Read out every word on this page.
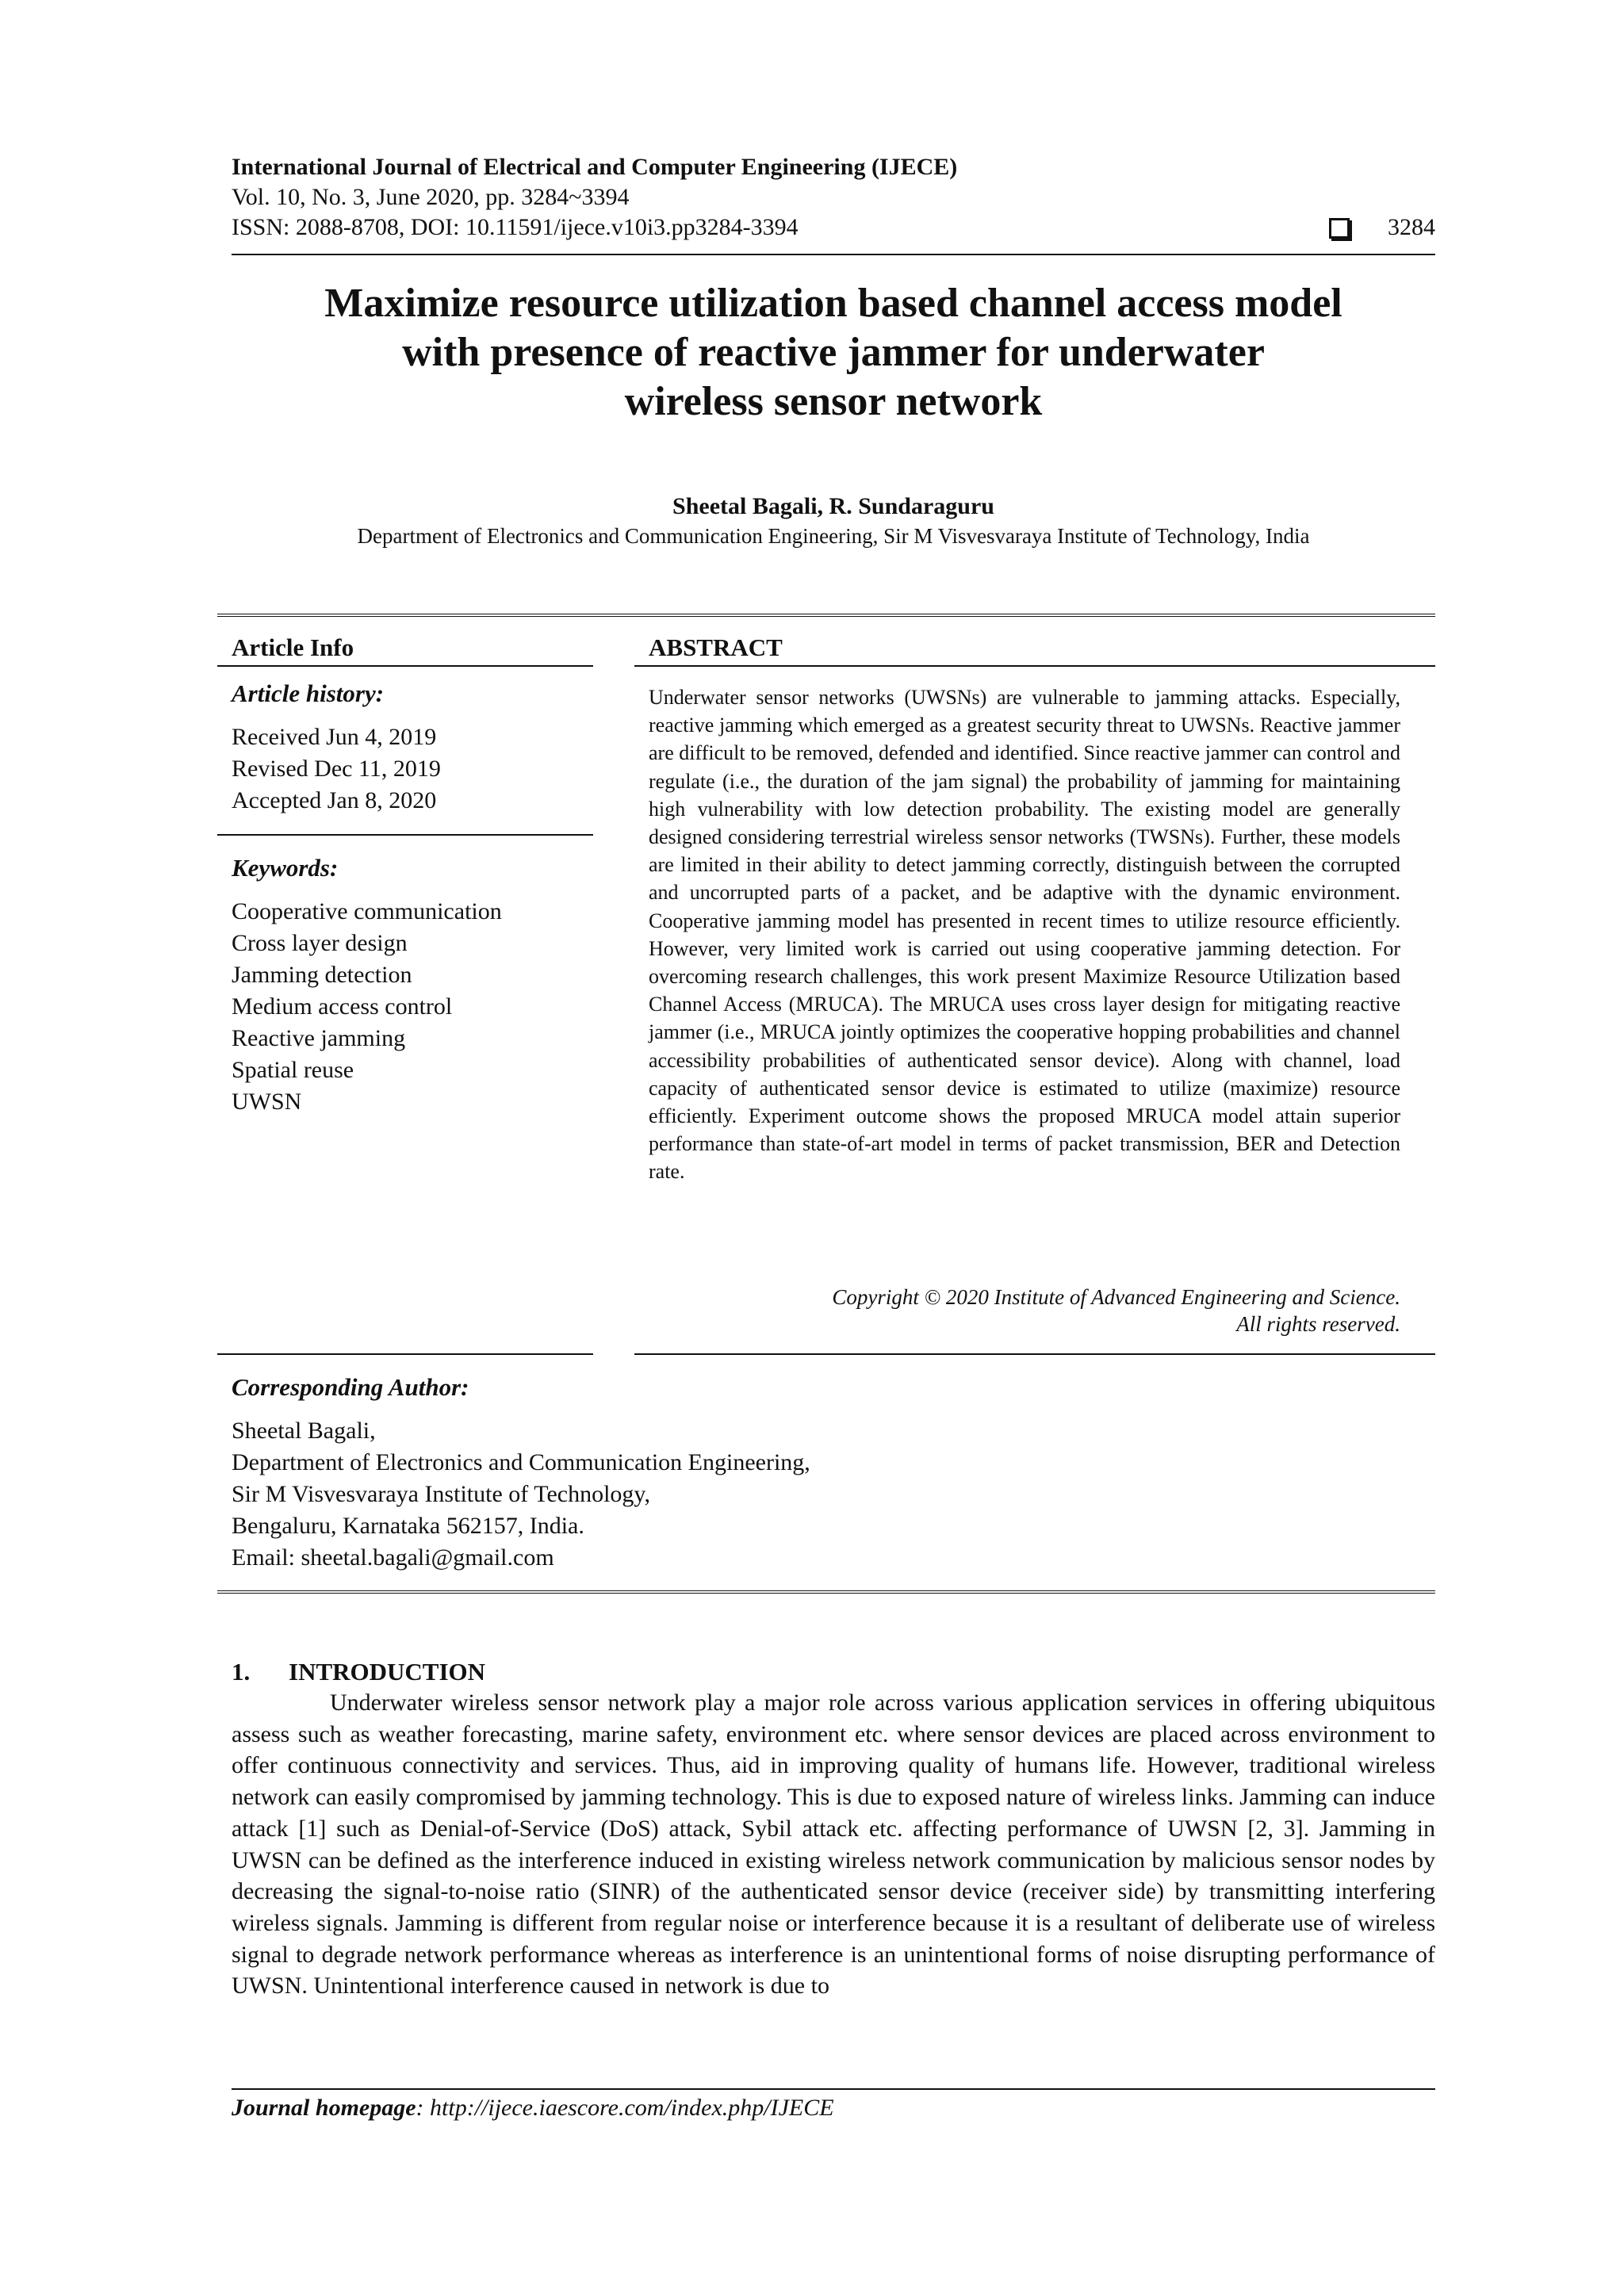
International Journal of Electrical and Computer Engineering (IJECE)
Vol. 10, No. 3, June 2020, pp. 3284~3394
ISSN: 2088-8708, DOI: 10.11591/ijece.v10i3.pp3284-3394	3284
Maximize resource utilization based channel access model
with presence of reactive jammer for underwater
wireless sensor network
Sheetal Bagali, R. Sundaraguru
Department of Electronics and Communication Engineering, Sir M Visvesvaraya Institute of Technology, India
Article Info
Article history:
Received Jun 4, 2019
Revised Dec 11, 2019
Accepted Jan 8, 2020
Keywords:
Cooperative communication
Cross layer design
Jamming detection
Medium access control
Reactive jamming
Spatial reuse
UWSN
ABSTRACT
Underwater sensor networks (UWSNs) are vulnerable to jamming attacks. Especially, reactive jamming which emerged as a greatest security threat to UWSNs. Reactive jammer are difficult to be removed, defended and identified. Since reactive jammer can control and regulate (i.e., the duration of the jam signal) the probability of jamming for maintaining high vulnerability with low detection probability. The existing model are generally designed considering terrestrial wireless sensor networks (TWSNs). Further, these models are limited in their ability to detect jamming correctly, distinguish between the corrupted and uncorrupted parts of a packet, and be adaptive with the dynamic environment. Cooperative jamming model has presented in recent times to utilize resource efficiently. However, very limited work is carried out using cooperative jamming detection. For overcoming research challenges, this work present Maximize Resource Utilization based Channel Access (MRUCA). The MRUCA uses cross layer design for mitigating reactive jammer (i.e., MRUCA jointly optimizes the cooperative hopping probabilities and channel accessibility probabilities of authenticated sensor device). Along with channel, load capacity of authenticated sensor device is estimated to utilize (maximize) resource efficiently. Experiment outcome shows the proposed MRUCA model attain superior performance than state-of-art model in terms of packet transmission, BER and Detection rate.
Copyright © 2020 Institute of Advanced Engineering and Science.
All rights reserved.
Corresponding Author:
Sheetal Bagali,
Department of Electronics and Communication Engineering,
Sir M Visvesvaraya Institute of Technology,
Bengaluru, Karnataka 562157, India.
Email: sheetal.bagali@gmail.com
1. INTRODUCTION
Underwater wireless sensor network play a major role across various application services in offering ubiquitous assess such as weather forecasting, marine safety, environment etc. where sensor devices are placed across environment to offer continuous connectivity and services. Thus, aid in improving quality of humans life. However, traditional wireless network can easily compromised by jamming technology. This is due to exposed nature of wireless links. Jamming can induce attack [1] such as Denial-of-Service (DoS) attack, Sybil attack etc. affecting performance of UWSN [2, 3]. Jamming in UWSN can be defined as the interference induced in existing wireless network communication by malicious sensor nodes by decreasing the signal-to-noise ratio (SINR) of the authenticated sensor device (receiver side) by transmitting interfering wireless signals. Jamming is different from regular noise or interference because it is a resultant of deliberate use of wireless signal to degrade network performance whereas as interference is an unintentional forms of noise disrupting performance of UWSN. Unintentional interference caused in network is due to
Journal homepage: http://ijece.iaescore.com/index.php/IJECE
